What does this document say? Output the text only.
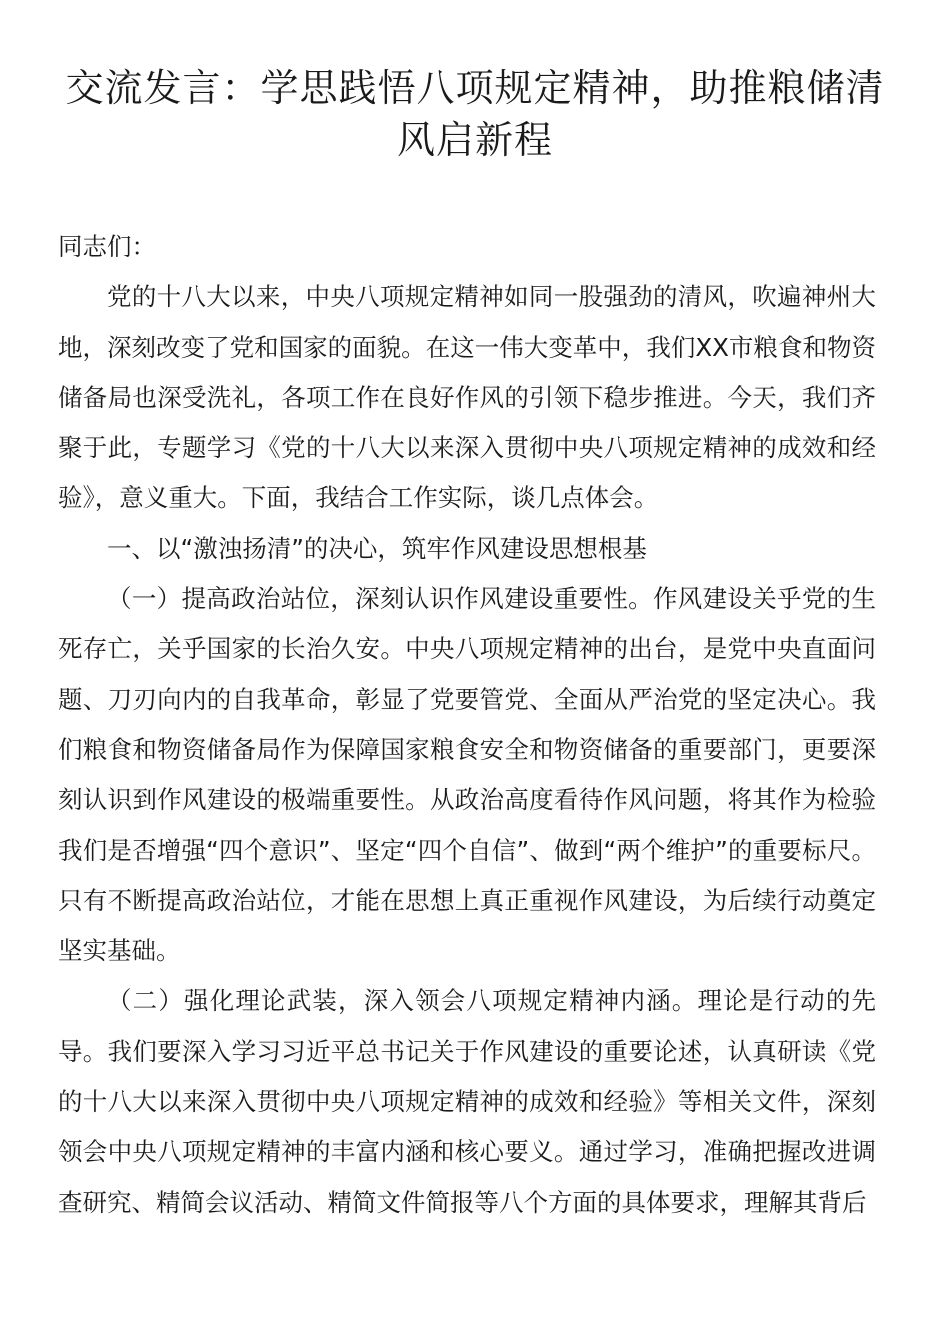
交流发言：学思践悟八项规定精神，助推粮储清风启新程

同志们：

党的十八大以来，中央八项规定精神如同一股强劲的清风，吹遍神州大地，深刻改变了党和国家的面貌。在这一伟大变革中，我们XX市粮食和物资储备局也深受洗礼，各项工作在良好作风的引领下稳步推进。今天，我们齐聚于此，专题学习《党的十八大以来深入贯彻中央八项规定精神的成效和经验》，意义重大。下面，我结合工作实际，谈几点体会。

一、以“激浊扬清”的决心，筑牢作风建设思想根基

（一）提高政治站位，深刻认识作风建设重要性。作风建设关乎党的生死存亡，关乎国家的长治久安。中央八项规定精神的出台，是党中央直面问题、刀刃向内的自我革命，彰显了党要管党、全面从严治党的坚定决心。我们粮食和物资储备局作为保障国家粮食安全和物资储备的重要部门，更要深刻认识到作风建设的极端重要性。从政治高度看待作风问题，将其作为检验我们是否增强“四个意识”、坚定“四个自信”、做到“两个维护”的重要标尺。只有不断提高政治站位，才能在思想上真正重视作风建设，为后续行动奠定坚实基础。

（二）强化理论武装，深入领会八项规定精神内涵。理论是行动的先导。我们要深入学习习近平总书记关于作风建设的重要论述，认真研读《党的十八大以来深入贯彻中央八项规定精神的成效和经验》等相关文件，深刻领会中央八项规定精神的丰富内涵和核心要义。通过学习，准确把握改进调查研究、精简会议活动、精简文件简报等八个方面的具体要求，理解其背后
